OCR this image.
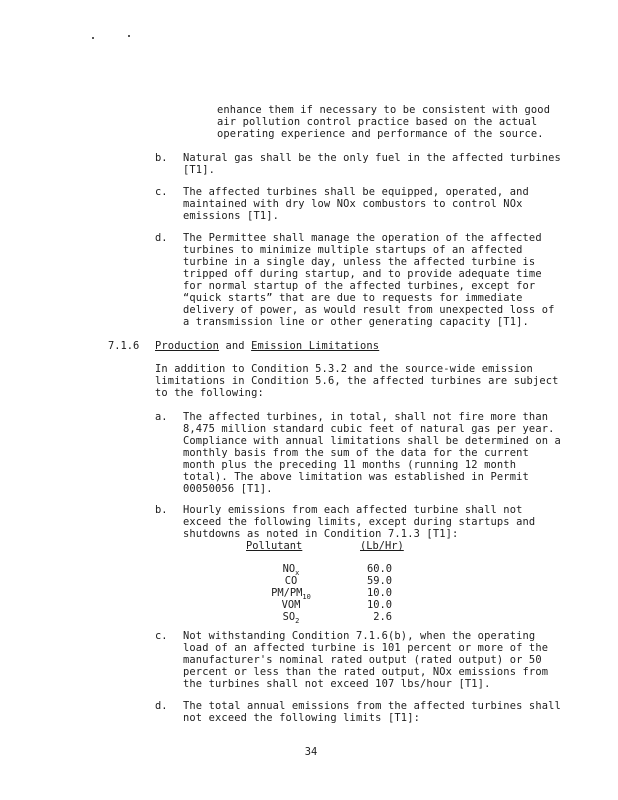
enhance them if necessary to be consistent with good
air pollution control practice based on the actual
operating experience and performance of the source.
b. Natural gas shall be the only fuel in the affected turbines
[T1].
c. The affected turbines shall be equipped, operated, and
maintained with dry low NOx combustors to control NOx
emissions [T1].
d. The Permittee shall manage the operation of the affected
turbines to minimize multiple startups of an affected
turbine in a single day, unless the affected turbine is
tripped off during startup, and to provide adequate time
for normal startup of the affected turbines, except for
“quick starts” that are due to requests for immediate
delivery of power, as would result from unexpected loss of
a transmission line or other generating capacity [T1].
7.1.6 Production and Emission Limitations
In addition to Condition 5.3.2 and the source-wide emission
limitations in Condition 5.6, the affected turbines are subject
to the following:
a. The affected turbines, in total, shall not fire more than
8,475 million standard cubic feet of natural gas per year.
Compliance with annual limitations shall be determined on a
monthly basis from the sum of the data for the current
month plus the preceding 11 months (running 12 month
total). The above limitation was established in Permit
00050056 [T1].
b. Hourly emissions from each affected turbine shall not
exceed the following limits, except during startups and
shutdowns as noted in Condition 7.1.3 [T1]:
Pollutant	(Lb/Hr)
$NO_x$	60.0
CO	59.0
$PM/PM_{10}$	10.0
VOM	10.0
$SO_2$	2.6
c. Not withstanding Condition 7.1.6(b), when the operating
load of an affected turbine is 101 percent or more of the
manufacturer's nominal rated output (rated output) or 50
percent or less than the rated output, NOx emissions from
the turbines shall not exceed 107 lbs/hour [T1].
d. The total annual emissions from the affected turbines shall
not exceed the following limits [T1]:
34
